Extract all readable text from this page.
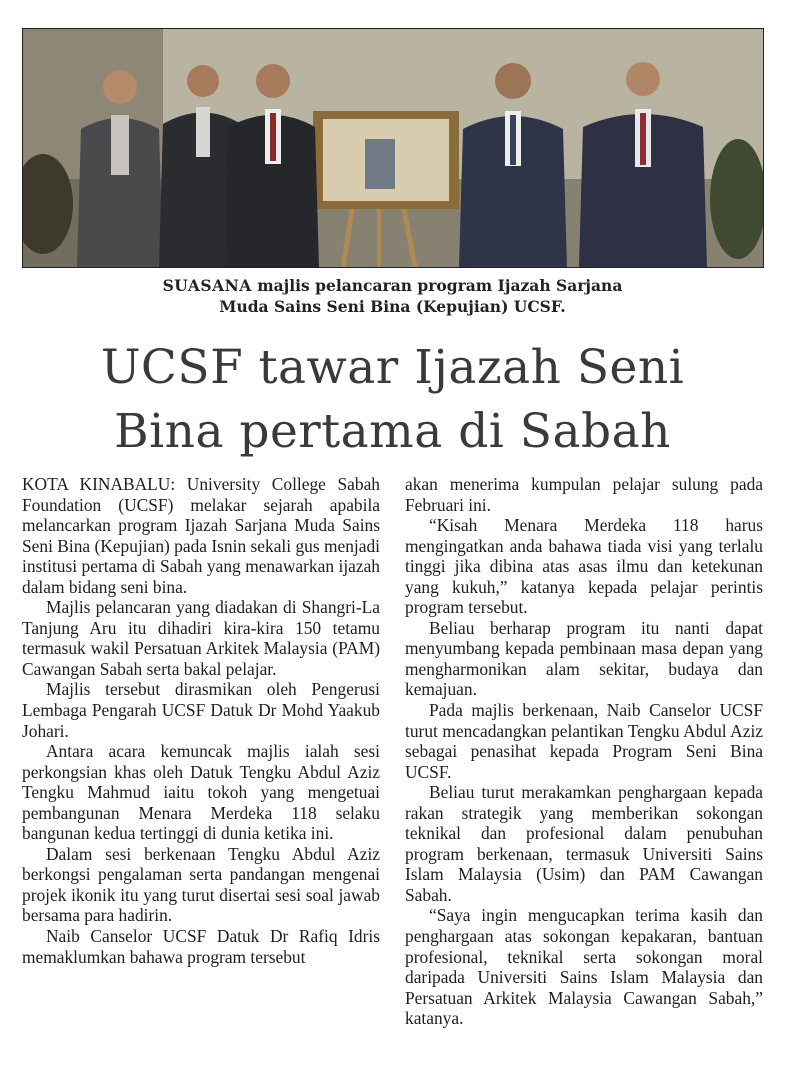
SUASANA majlis pelancaran program Ijazah Sarjana
Muda Sains Seni Bina (Kepujian) UCSF.
UCSF tawar Ijazah Seni
Bina pertama di Sabah

KOTA KINABALU: University College Sabah Foundation (UCSF) melakar sejarah apabila melancarkan program Ijazah Sarjana Muda Sains Seni Bina (Kepujian) pada Isnin sekali gus menjadi institusi pertama di Sabah yang menawarkan ijazah dalam bidang seni bina.

Majlis pelancaran yang diadakan di Shangri-La Tanjung Aru itu dihadiri kira-kira 150 tetamu termasuk wakil Persatuan Arkitek Malaysia (PAM) Cawangan Sabah serta bakal pelajar.

Majlis tersebut dirasmikan oleh Pengerusi Lembaga Pengarah UCSF Datuk Dr Mohd Yaakub Johari.

Antara acara kemuncak majlis ialah sesi perkongsian khas oleh Datuk Tengku Abdul Aziz Tengku Mahmud iaitu tokoh yang mengetuai pembangunan Menara Merdeka 118 selaku bangunan kedua tertinggi di dunia ketika ini.

Dalam sesi berkenaan Tengku Abdul Aziz berkongsi pengalaman serta pandangan mengenai projek ikonik itu yang turut disertai sesi soal jawab bersama para hadirin.

Naib Canselor UCSF Datuk Dr Rafiq Idris memaklumkan bahawa program tersebut

akan menerima kumpulan pelajar sulung pada Februari ini.

“Kisah Menara Merdeka 118 harus mengingatkan anda bahawa tiada visi yang terlalu tinggi jika dibina atas asas ilmu dan ketekunan yang kukuh,” katanya kepada pelajar perintis program tersebut.

Beliau berharap program itu nanti dapat menyumbang kepada pembinaan masa depan yang mengharmonikan alam sekitar, budaya dan kemajuan.

Pada majlis berkenaan, Naib Canselor UCSF turut mencadangkan pelantikan Tengku Abdul Aziz sebagai penasihat kepada Program Seni Bina UCSF.

Beliau turut merakamkan penghargaan kepada rakan strategik yang memberikan sokongan teknikal dan profesional dalam penubuhan program berkenaan, termasuk Universiti Sains Islam Malaysia (Usim) dan PAM Cawangan Sabah.

“Saya ingin mengucapkan terima kasih dan penghargaan atas sokongan kepakaran, bantuan profesional, teknikal serta sokongan moral daripada Universiti Sains Islam Malaysia dan Persatuan Arkitek Malaysia Cawangan Sabah,” katanya.
